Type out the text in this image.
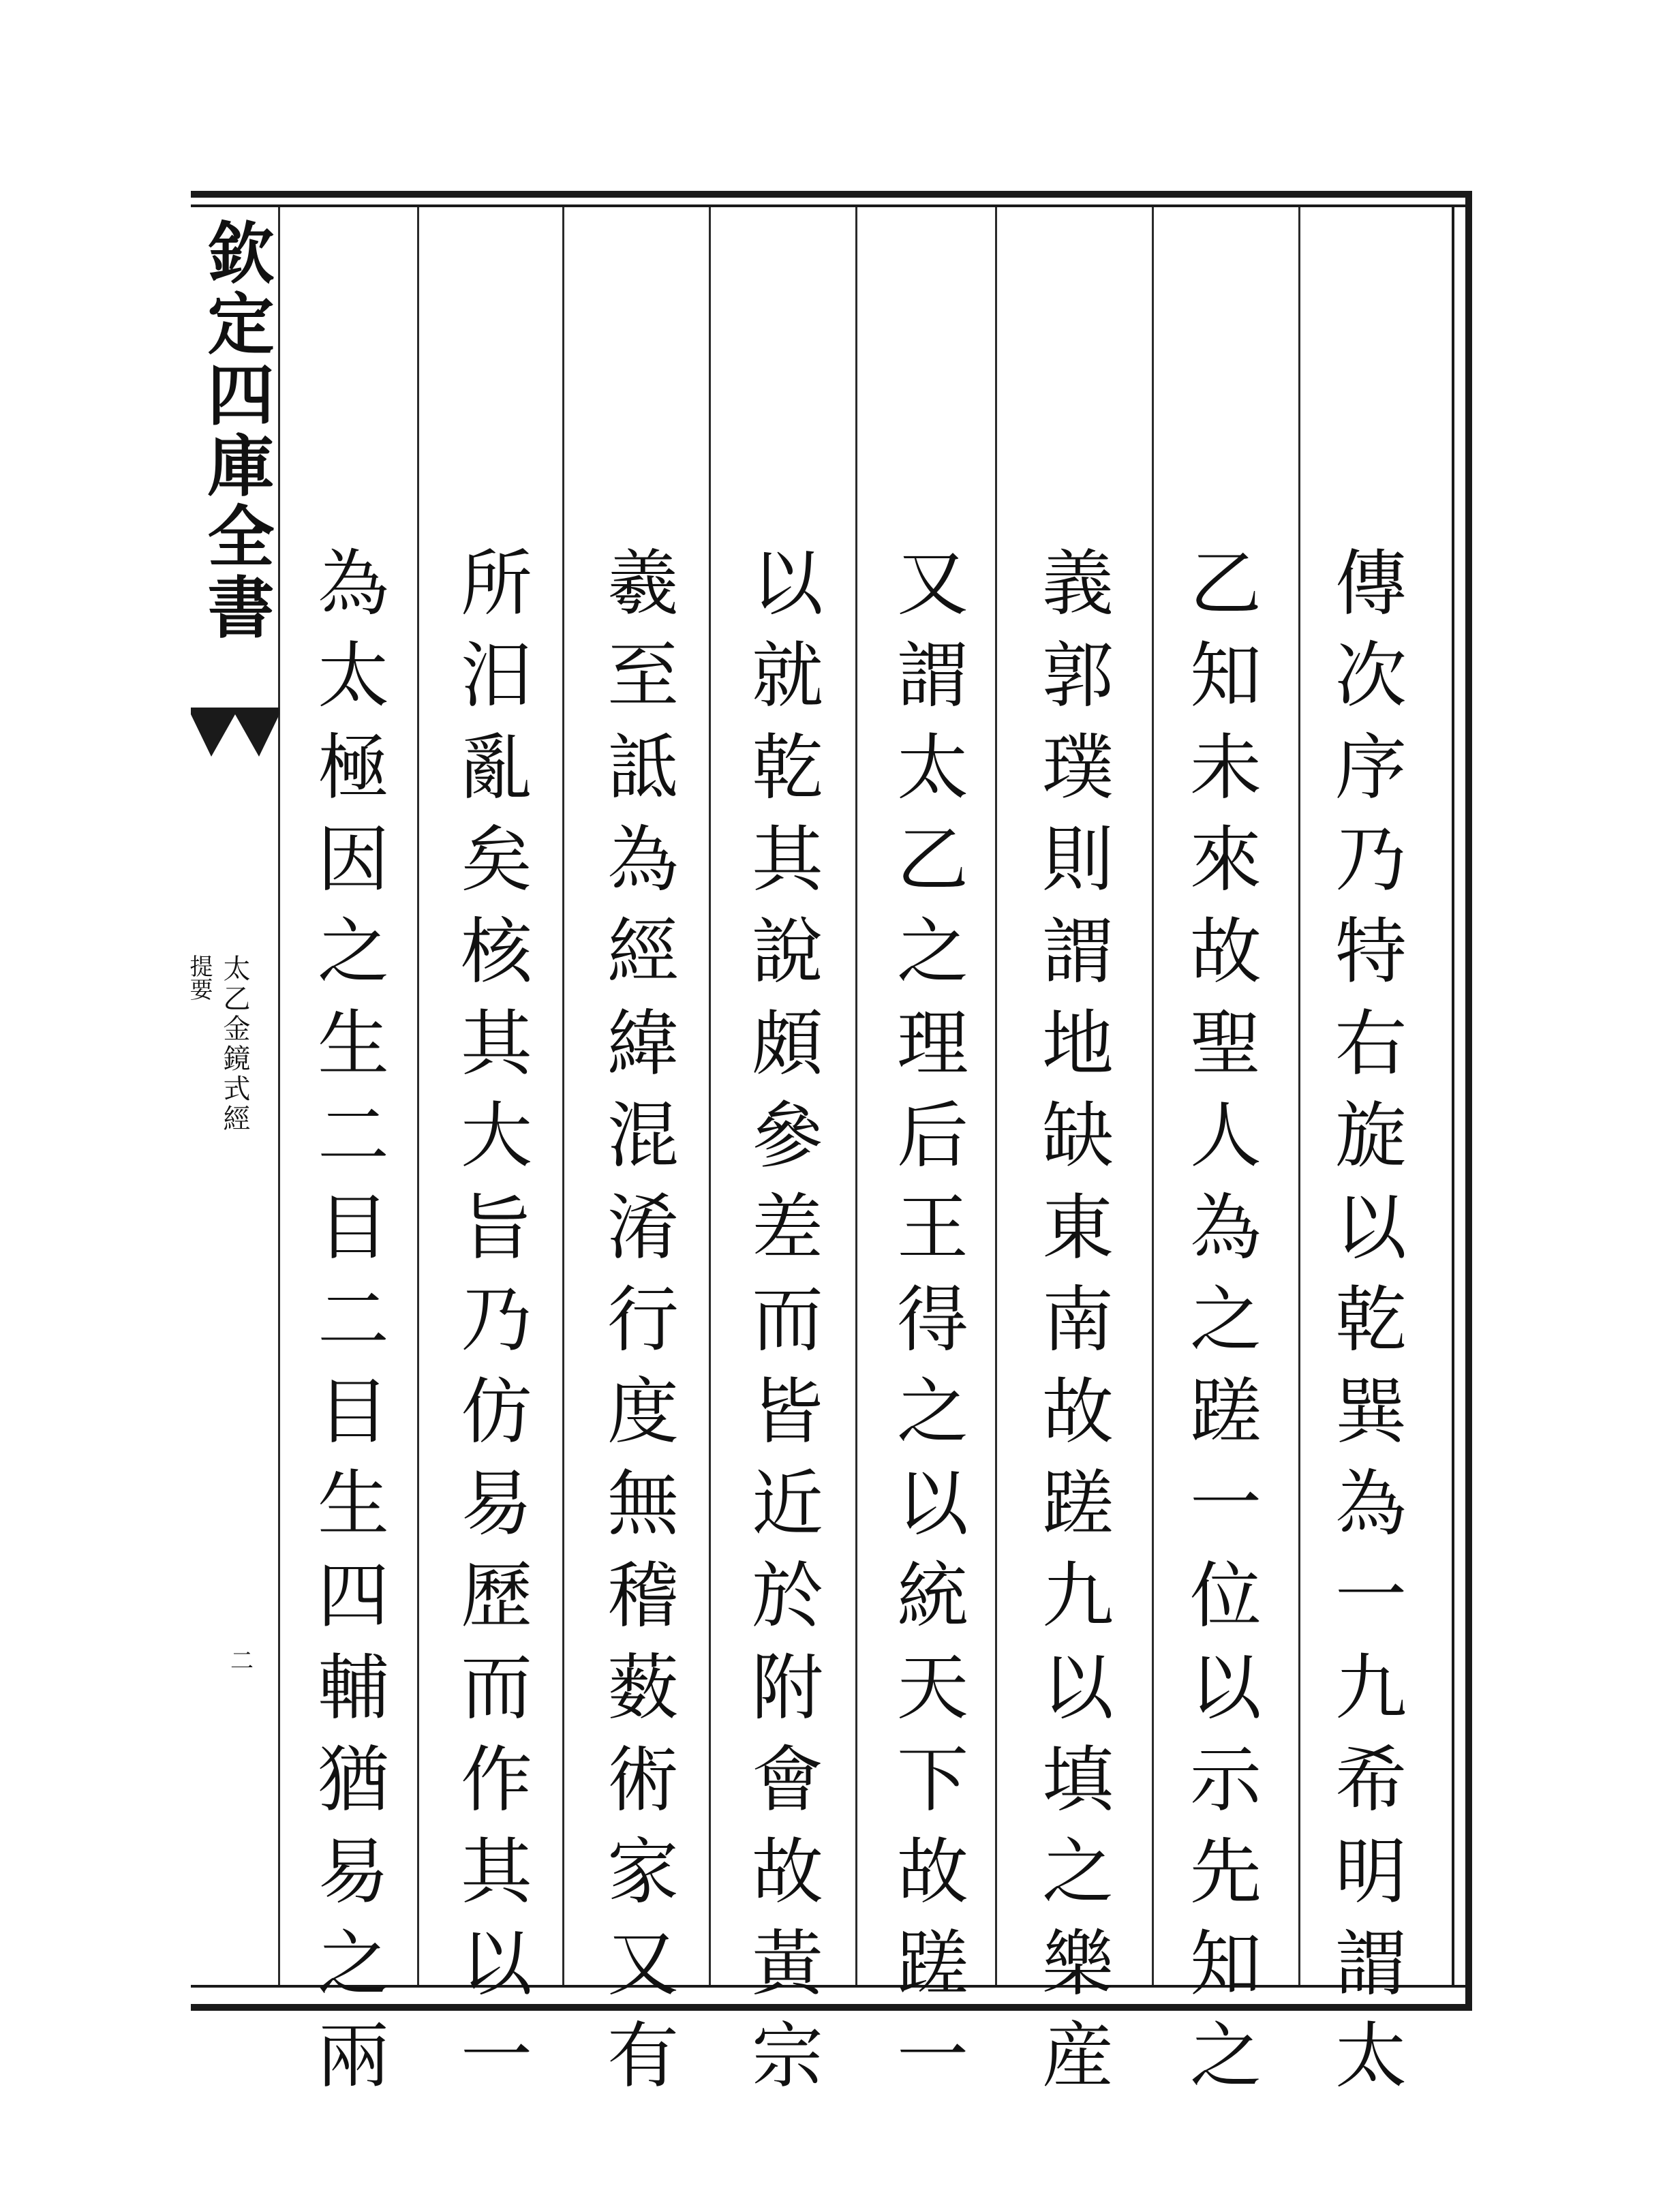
欽定四庫全書
太乙金鏡式經
提要
二	傳次序乃特右旋以乾巽為一九希明謂太
乙知未來故聖人為之蹉一位以示先知之
義郭璞則謂地缺東南故蹉九以填之樂産
又謂太乙之理后王得之以統天下故蹉一
以就乾其說頗參差而皆近於附會故黃宗
羲至詆為經緯混淆行度無稽薮術家又有
所汨亂矣核其大旨乃仿易歷而作其以一
為太極因之生二目二目生四輔猶易之兩
